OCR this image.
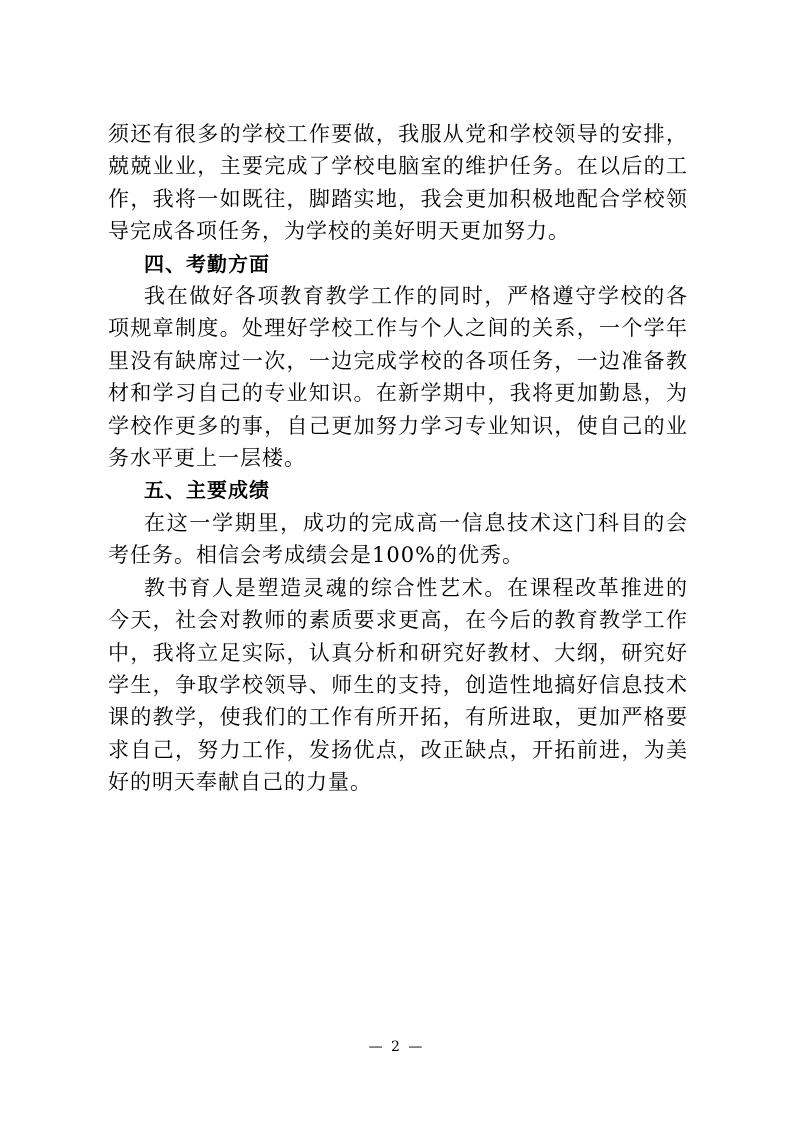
须还有很多的学校工作要做，我服从党和学校领导的安排，兢兢业业，主要完成了学校电脑室的维护任务。在以后的工作，我将一如既往，脚踏实地，我会更加积极地配合学校领导完成各项任务，为学校的美好明天更加努力。

四、考勤方面

我在做好各项教育教学工作的同时，严格遵守学校的各项规章制度。处理好学校工作与个人之间的关系，一个学年里没有缺席过一次，一边完成学校的各项任务，一边准备教材和学习自己的专业知识。在新学期中，我将更加勤恳，为学校作更多的事，自己更加努力学习专业知识，使自己的业务水平更上一层楼。

五、主要成绩

在这一学期里，成功的完成高一信息技术这门科目的会考任务。相信会考成绩会是100%的优秀。

教书育人是塑造灵魂的综合性艺术。在课程改革推进的今天，社会对教师的素质要求更高，在今后的教育教学工作中，我将立足实际，认真分析和研究好教材、大纲，研究好学生，争取学校领导、师生的支持，创造性地搞好信息技术课的教学，使我们的工作有所开拓，有所进取，更加严格要求自己，努力工作，发扬优点，改正缺点，开拓前进，为美好的明天奉献自己的力量。

— 2 —
